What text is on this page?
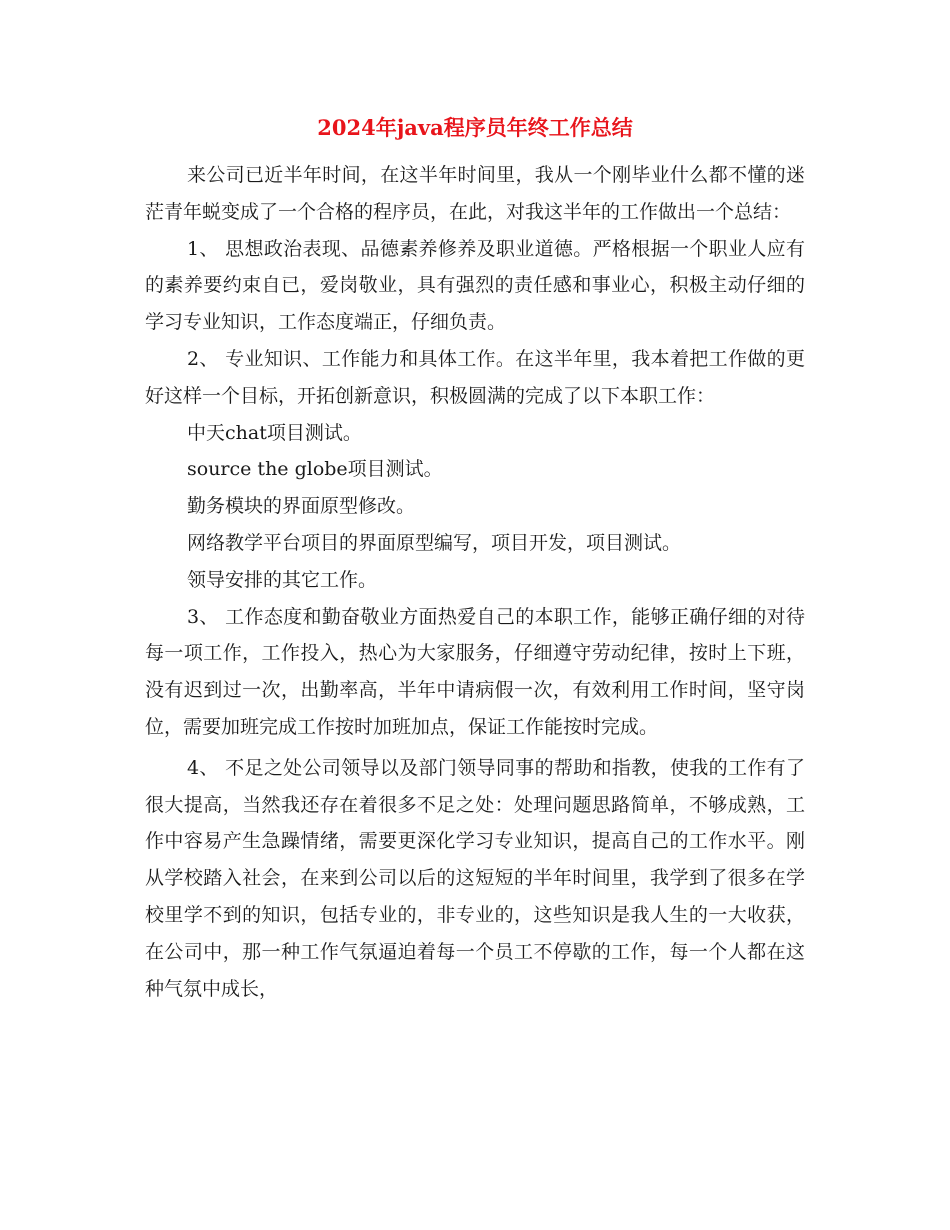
2024年java程序员年终工作总结

来公司已近半年时间，在这半年时间里，我从一个刚毕业什么都不懂的迷茫青年蜕变成了一个合格的程序员，在此，对我这半年的工作做出一个总结：

1、 思想政治表现、品德素养修养及职业道德。严格根据一个职业人应有的素养要约束自已，爱岗敬业，具有强烈的责任感和事业心，积极主动仔细的学习专业知识，工作态度端正，仔细负责。

2、 专业知识、工作能力和具体工作。在这半年里，我本着把工作做的更好这样一个目标，开拓创新意识，积极圆满的完成了以下本职工作：

中天chat项目测试。

source the globe项目测试。

勤务模块的界面原型修改。

网络教学平台项目的界面原型编写，项目开发，项目测试。

领导安排的其它工作。

3、 工作态度和勤奋敬业方面热爱自己的本职工作，能够正确仔细的对待每一项工作，工作投入，热心为大家服务，仔细遵守劳动纪律，按时上下班，没有迟到过一次，出勤率高，半年中请病假一次，有效利用工作时间，坚守岗位，需要加班完成工作按时加班加点，保证工作能按时完成。

4、 不足之处公司领导以及部门领导同事的帮助和指教，使我的工作有了很大提高，当然我还存在着很多不足之处：处理问题思路简单，不够成熟，工作中容易产生急躁情绪，需要更深化学习专业知识，提高自己的工作水平。刚从学校踏入社会，在来到公司以后的这短短的半年时间里，我学到了很多在学校里学不到的知识，包括专业的，非专业的，这些知识是我人生的一大收获，在公司中，那一种工作气氛逼迫着每一个员工不停歇的工作，每一个人都在这种气氛中成长，
